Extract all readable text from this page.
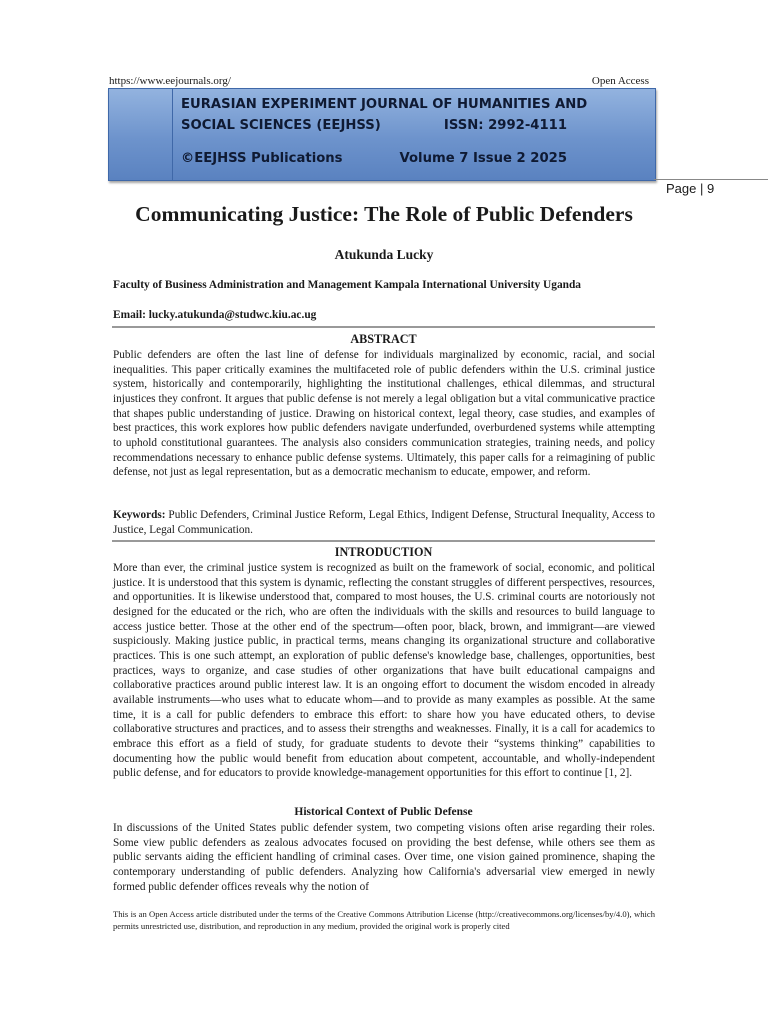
https://www.eejournals.org/	Open Access
EURASIAN EXPERIMENT JOURNAL OF HUMANITIES AND
SOCIAL SCIENCES (EEJHSS)	ISSN: 2992-4111
©EEJHSS Publications	Volume 7 Issue 2 2025
Page | 9
Communicating Justice: The Role of Public Defenders
Atukunda Lucky
Faculty of Business Administration and Management Kampala International University Uganda
Email: lucky.atukunda@studwc.kiu.ac.ug
ABSTRACT

Public defenders are often the last line of defense for individuals marginalized by economic, racial, and social inequalities. This paper critically examines the multifaceted role of public defenders within the U.S. criminal justice system, historically and contemporarily, highlighting the institutional challenges, ethical dilemmas, and structural injustices they confront. It argues that public defense is not merely a legal obligation but a vital communicative practice that shapes public understanding of justice. Drawing on historical context, legal theory, case studies, and examples of best practices, this work explores how public defenders navigate underfunded, overburdened systems while attempting to uphold constitutional guarantees. The analysis also considers communication strategies, training needs, and policy recommendations necessary to enhance public defense systems. Ultimately, this paper calls for a reimagining of public defense, not just as legal representation, but as a democratic mechanism to educate, empower, and reform.

Keywords: Public Defenders, Criminal Justice Reform, Legal Ethics, Indigent Defense, Structural Inequality, Access to Justice, Legal Communication.

INTRODUCTION

More than ever, the criminal justice system is recognized as built on the framework of social, economic, and political justice. It is understood that this system is dynamic, reflecting the constant struggles of different perspectives, resources, and opportunities. It is likewise understood that, compared to most houses, the U.S. criminal courts are notoriously not designed for the educated or the rich, who are often the individuals with the skills and resources to build language to access justice better. Those at the other end of the spectrum—often poor, black, brown, and immigrant—are viewed suspiciously. Making justice public, in practical terms, means changing its organizational structure and collaborative practices. This is one such attempt, an exploration of public defense's knowledge base, challenges, opportunities, best practices, ways to organize, and case studies of other organizations that have built educational campaigns and collaborative practices around public interest law. It is an ongoing effort to document the wisdom encoded in already available instruments—who uses what to educate whom—and to provide as many examples as possible. At the same time, it is a call for public defenders to embrace this effort: to share how you have educated others, to devise collaborative structures and practices, and to assess their strengths and weaknesses. Finally, it is a call for academics to embrace this effort as a field of study, for graduate students to devote their “systems thinking” capabilities to documenting how the public would benefit from education about competent, accountable, and wholly-independent public defense, and for educators to provide knowledge-management opportunities for this effort to continue [1, 2].

Historical Context of Public Defense

In discussions of the United States public defender system, two competing visions often arise regarding their roles. Some view public defenders as zealous advocates focused on providing the best defense, while others see them as public servants aiding the efficient handling of criminal cases. Over time, one vision gained prominence, shaping the contemporary understanding of public defenders. Analyzing how California's adversarial view emerged in newly formed public defender offices reveals why the notion of

This is an Open Access article distributed under the terms of the Creative Commons Attribution License (http://creativecommons.org/licenses/by/4.0), which permits unrestricted use, distribution, and reproduction in any medium, provided the original work is properly cited
